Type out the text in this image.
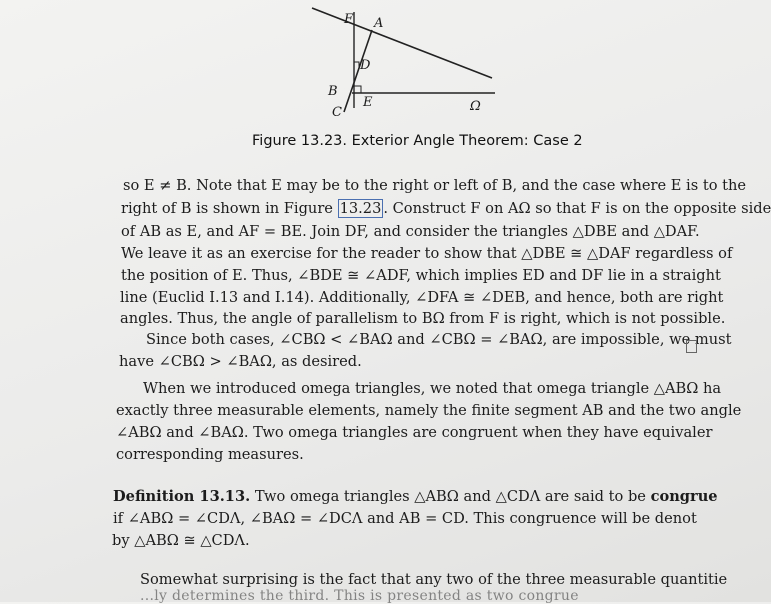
F A
D
B
C
E	Ω
Figure 13.23. Exterior Angle Theorem: Case 2
so E ≠ B. Note that E may be to the right or left of B, and the case where E is to the
right of B is shown in Figure 13.23 . Construct F on AΩ so that F is on the opposite side
of AB as E, and AF = BE. Join DF, and consider the triangles △DBE and △DAF.
We leave it as an exercise for the reader to show that △DBE ≅ △DAF regardless of
the position of E. Thus, ∠BDE ≅ ∠ADF, which implies ED and DF lie in a straight
line (Euclid I.13 and I.14). Additionally, ∠DFA ≅ ∠DEB, and hence, both are right
angles. Thus, the angle of parallelism to BΩ from F is right, which is not possible.
Since both cases, ∠CBΩ < ∠BAΩ and ∠CBΩ = ∠BAΩ, are impossible, we must
have ∠CBΩ > ∠BAΩ, as desired.
When we introduced omega triangles, we noted that omega triangle △ABΩ ha
exactly three measurable elements, namely the finite segment AB and the two angle
∠ABΩ and ∠BAΩ. Two omega triangles are congruent when they have equivaler
corresponding measures.
Definition 13.13. Two omega triangles △ABΩ and △CDΛ are said to be congrue
if ∠ABΩ = ∠CDΛ, ∠BAΩ = ∠DCΛ and AB = CD. This congruence will be denot
by △ABΩ ≅ △CDΛ.
Somewhat surprising is the fact that any two of the three measurable quantitie
...ly determines the third. This is presented as two congrue
